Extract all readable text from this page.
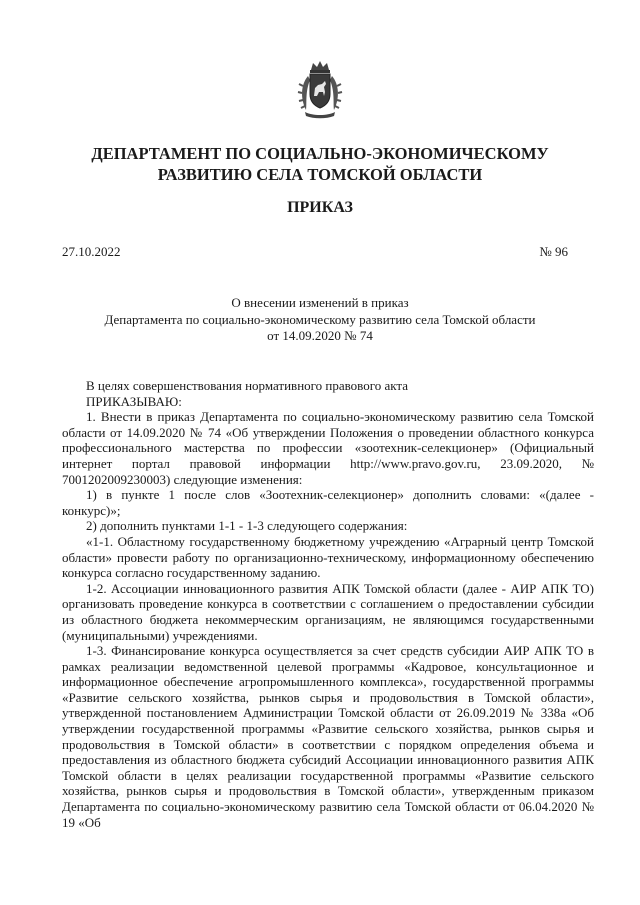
ДЕПАРТАМЕНТ ПО СОЦИАЛЬНО-ЭКОНОМИЧЕСКОМУ
РАЗВИТИЮ СЕЛА ТОМСКОЙ ОБЛАСТИ
ПРИКАЗ
27.10.2022	№ 96
О внесении изменений в приказ
Департамента по социально-экономическому развитию села Томской области
от 14.09.2020 № 74

В целях совершенствования нормативного правового акта

ПРИКАЗЫВАЮ:

1. Внести в приказ Департамента по социально-экономическому развитию села Томской области от 14.09.2020 № 74 «Об утверждении Положения о проведении областного конкурса профессионального мастерства по профессии «зоотехник-селекционер» (Официальный интернет портал правовой информации http://www.pravo.gov.ru, 23.09.2020, № 7001202009230003) следующие изменения:

1) в пункте 1 после слов «Зоотехник-селекционер» дополнить словами: «(далее - конкурс)»;

2) дополнить пунктами 1-1 - 1-3 следующего содержания:

«1-1. Областному государственному бюджетному учреждению «Аграрный центр Томской области» провести работу по организационно-техническому, информационному обеспечению конкурса согласно государственному заданию.

1-2. Ассоциации инновационного развития АПК Томской области (далее - АИР АПК ТО) организовать проведение конкурса в соответствии с соглашением о предоставлении субсидии из областного бюджета некоммерческим организациям, не являющимся государственными (муниципальными) учреждениями.

1-3. Финансирование конкурса осуществляется за счет средств субсидии АИР АПК ТО в рамках реализации ведомственной целевой программы «Кадровое, консультационное и информационное обеспечение агропромышленного комплекса», государственной программы «Развитие сельского хозяйства, рынков сырья и продовольствия в Томской области», утвержденной постановлением Администрации Томской области от 26.09.2019 № 338а «Об утверждении государственной программы «Развитие сельского хозяйства, рынков сырья и продовольствия в Томской области» в соответствии с порядком определения объема и предоставления из областного бюджета субсидий Ассоциации инновационного развития АПК Томской области в целях реализации государственной программы «Развитие сельского хозяйства, рынков сырья и продовольствия в Томской области», утвержденным приказом Департамента по социально-экономическому развитию села Томской области от 06.04.2020 № 19 «Об
